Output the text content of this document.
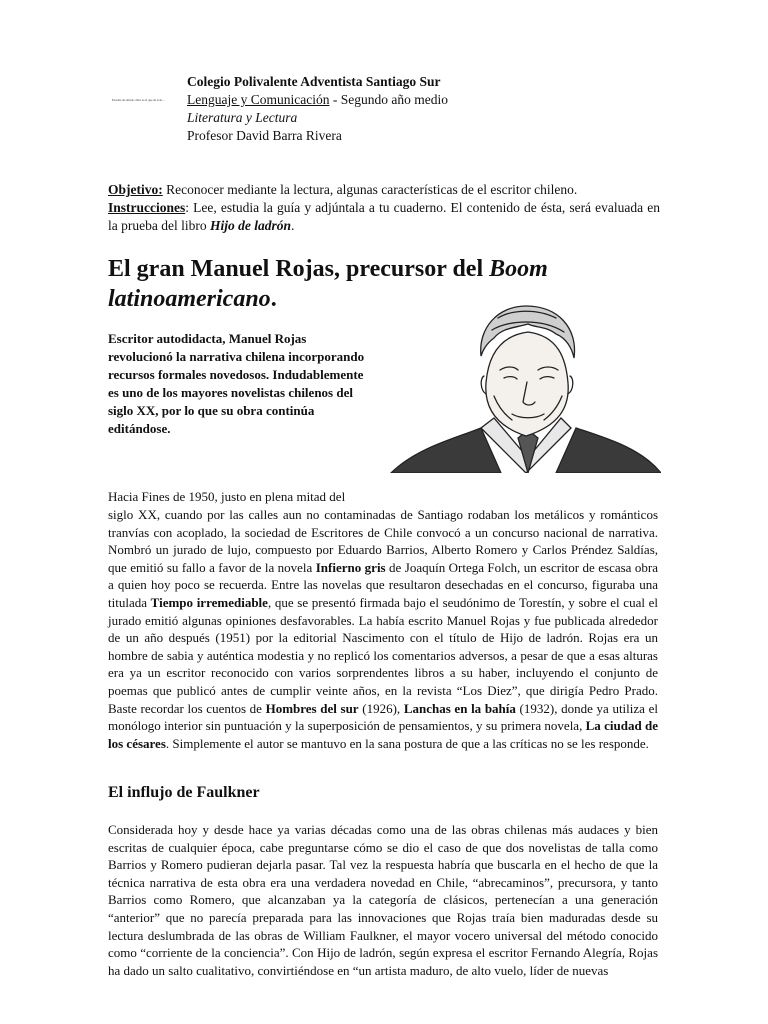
Escuela de sábado, Dios es el que da todo...
Colegio Polivalente Adventista Santiago Sur
Lenguaje y Comunicación - Segundo año medio
Literatura y Lectura
Profesor David Barra Rivera
Objetivo: Reconocer mediante la lectura, algunas características de el escritor chileno.
Instrucciones: Lee, estudia la guía y adjúntala a tu cuaderno. El contenido de ésta, será evaluada en la prueba del libro Hijo de ladrón.
El gran Manuel Rojas, precursor del Boom
latinoamericano.

Escritor autodidacta, Manuel Rojas revolucionó la narrativa chilena incorporando recursos formales novedosos. Indudablemente es uno de los mayores novelistas chilenos del siglo XX, por lo que su obra continúa editándose.

Hacia Fines de 1950, justo en plena mitad del

siglo XX, cuando por las calles aun no contaminadas de Santiago rodaban los metálicos y románticos tranvías con acoplado, la sociedad de Escritores de Chile convocó a un concurso nacional de narrativa. Nombró un jurado de lujo, compuesto por Eduardo Barrios, Alberto Romero y Carlos Préndez Saldías, que emitió su fallo a favor de la novela Infierno gris de Joaquín Ortega Folch, un escritor de escasa obra a quien hoy poco se recuerda. Entre las novelas que resultaron desechadas en el concurso, figuraba una titulada Tiempo irremediable, que se presentó firmada bajo el seudónimo de Torestín, y sobre el cual el jurado emitió algunas opiniones desfavorables. La había escrito Manuel Rojas y fue publicada alrededor de un año después (1951) por la editorial Nascimento con el título de Hijo de ladrón. Rojas era un hombre de sabia y auténtica modestia y no replicó los comentarios adversos, a pesar de que a esas alturas era ya un escritor reconocido con varios sorprendentes libros a su haber, incluyendo el conjunto de poemas que publicó antes de cumplir veinte años, en la revista “Los Diez”, que dirigía Pedro Prado. Baste recordar los cuentos de Hombres del sur (1926), Lanchas en la bahía (1932), donde ya utiliza el monólogo interior sin puntuación y la superposición de pensamientos, y su primera novela, La ciudad de los césares. Simplemente el autor se mantuvo en la sana postura de que a las críticas no se les responde.

El influjo de Faulkner

Considerada hoy y desde hace ya varias décadas como una de las obras chilenas más audaces y bien escritas de cualquier época, cabe preguntarse cómo se dio el caso de que dos novelistas de talla como Barrios y Romero pudieran dejarla pasar. Tal vez la respuesta habría que buscarla en el hecho de que la técnica narrativa de esta obra era una verdadera novedad en Chile, “abrecaminos”, precursora, y tanto Barrios como Romero, que alcanzaban ya la categoría de clásicos, pertenecían a una generación “anterior” que no parecía preparada para las innovaciones que Rojas traía bien maduradas desde su lectura deslumbrada de las obras de William Faulkner, el mayor vocero universal del método conocido como “corriente de la conciencia”. Con Hijo de ladrón, según expresa el escritor Fernando Alegría, Rojas ha dado un salto cualitativo, convirtiéndose en “un artista maduro, de alto vuelo, líder de nuevas
